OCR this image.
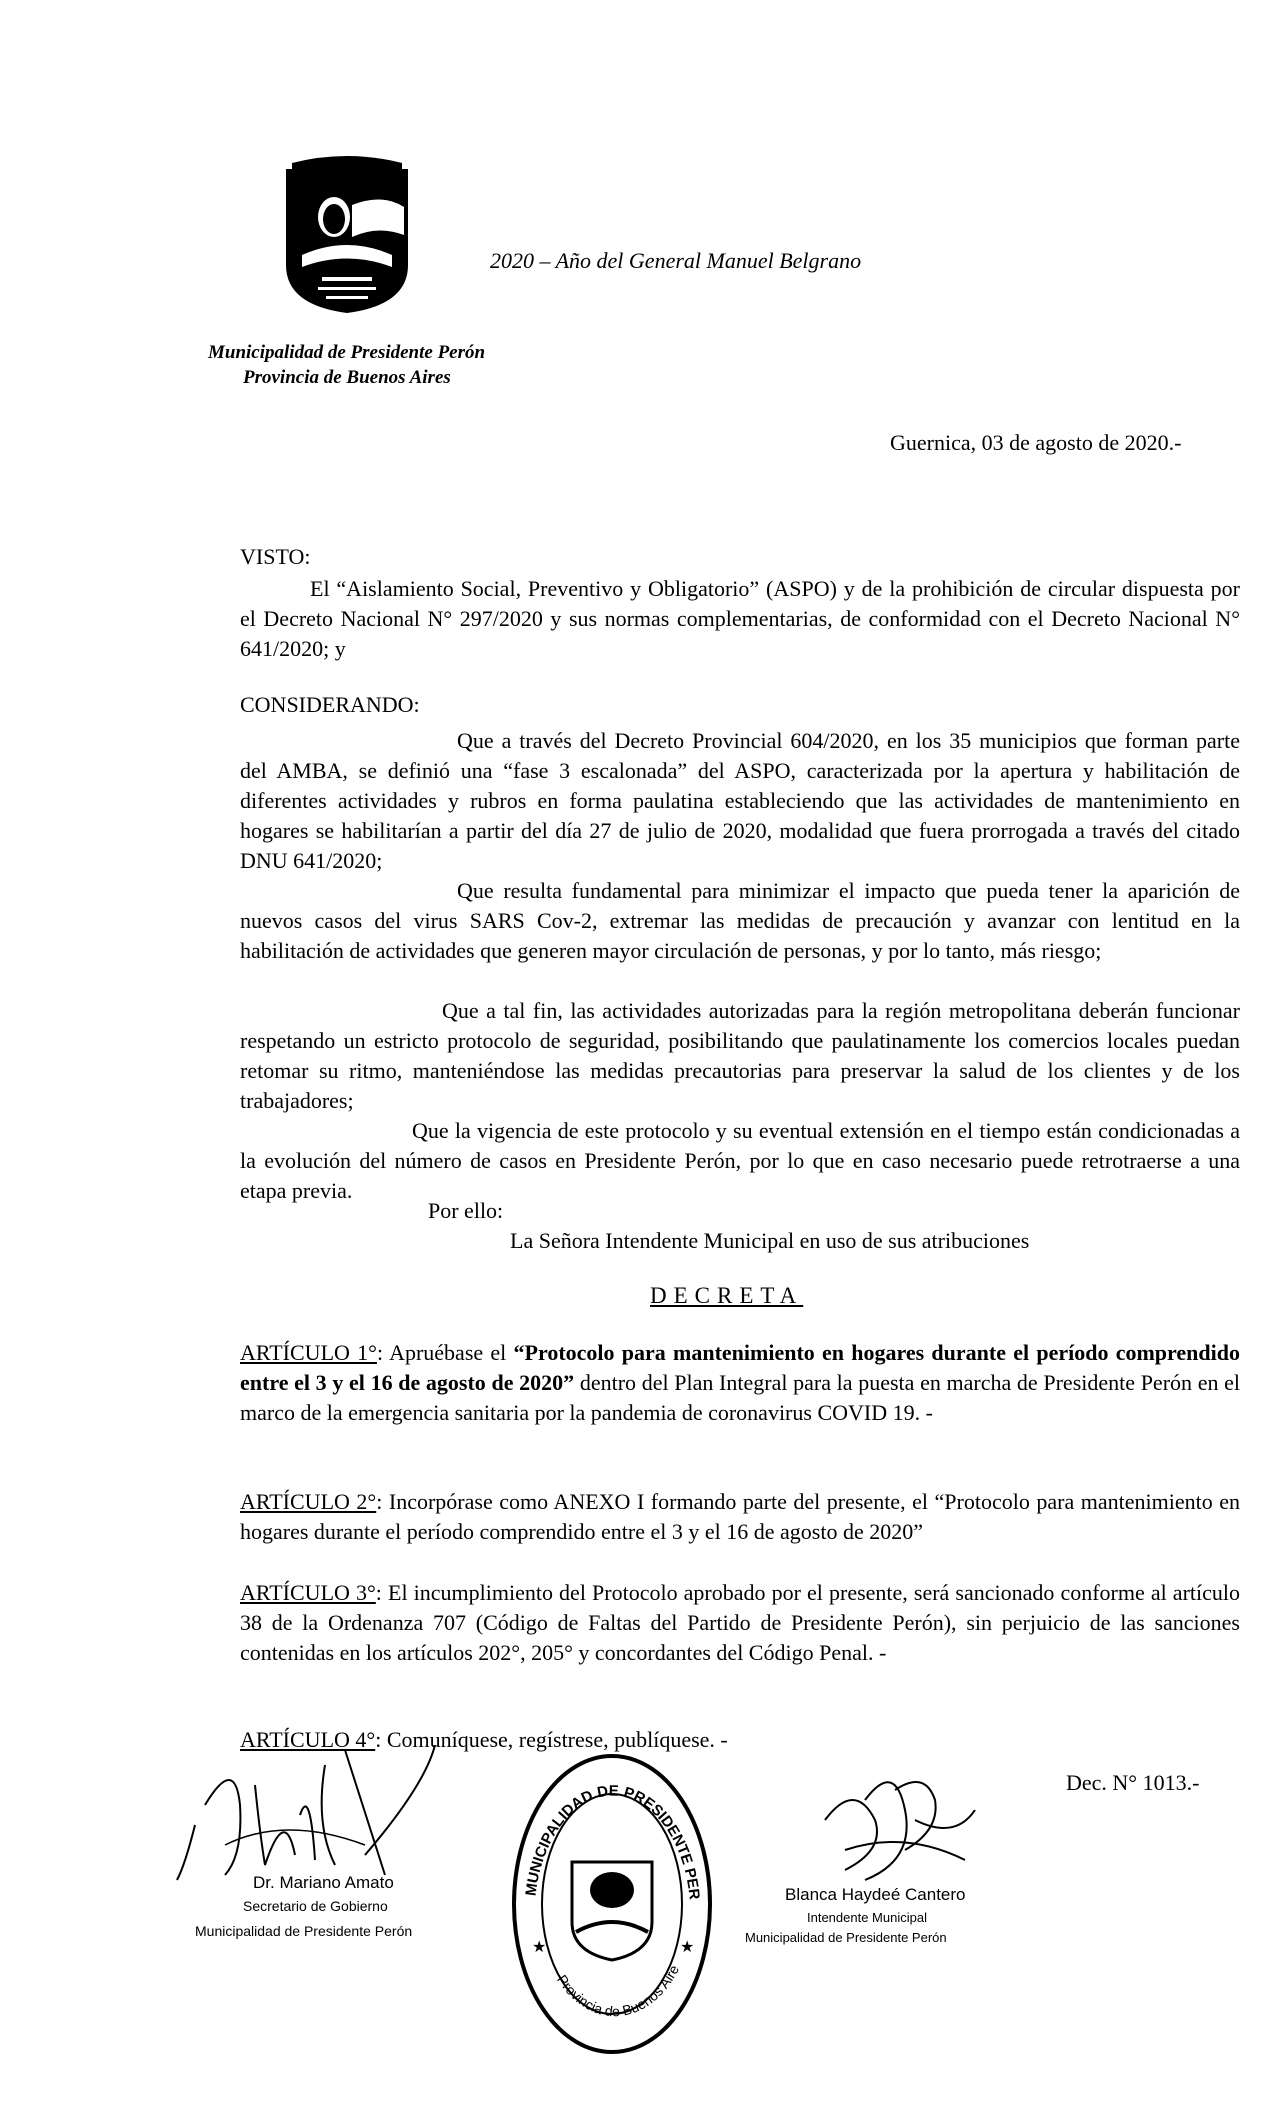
2020 – Año del General Manuel Belgrano
Municipalidad de Presidente Perón
Provincia de Buenos Aires
Guernica, 03 de agosto de 2020.-
VISTO:

El “Aislamiento Social, Preventivo y Obligatorio” (ASPO) y de la prohibición de circular dispuesta por el Decreto Nacional N° 297/2020 y sus normas complementarias, de conformidad con el Decreto Nacional N° 641/2020; y

CONSIDERANDO:

Que a través del Decreto Provincial 604/2020, en los 35 municipios que forman parte del AMBA, se definió una “fase 3 escalonada” del ASPO, caracterizada por la apertura y habilitación de diferentes actividades y rubros en forma paulatina estableciendo que las actividades de mantenimiento en hogares se habilitarían a partir del día 27 de julio de 2020, modalidad que fuera prorrogada a través del citado DNU 641/2020;

Que resulta fundamental para minimizar el impacto que pueda tener la aparición de nuevos casos del virus SARS Cov-2, extremar las medidas de precaución y avanzar con lentitud en la habilitación de actividades que generen mayor circulación de personas, y por lo tanto, más riesgo;

Que a tal fin, las actividades autorizadas para la región metropolitana deberán funcionar respetando un estricto protocolo de seguridad, posibilitando que paulatinamente los comercios locales puedan retomar su ritmo, manteniéndose las medidas precautorias para preservar la salud de los clientes y de los trabajadores;

Que la vigencia de este protocolo y su eventual extensión en el tiempo están condicionadas a la evolución del número de casos en Presidente Perón, por lo que en caso necesario puede retrotraerse a una etapa previa.

Por ello:
La Señora Intendente Municipal en uso de sus atribuciones
DECRETA

ARTÍCULO 1°: Apruébase el “Protocolo para mantenimiento en hogares durante el período comprendido entre el 3 y el 16 de agosto de 2020” dentro del Plan Integral para la puesta en marcha de Presidente Perón en el marco de la emergencia sanitaria por la pandemia de coronavirus COVID 19. -

ARTÍCULO 2°: Incorpórase como ANEXO I formando parte del presente, el “Protocolo para mantenimiento en hogares durante el período comprendido entre el 3 y el 16 de agosto de 2020”

ARTÍCULO 3°: El incumplimiento del Protocolo aprobado por el presente, será sancionado conforme al artículo 38 de la Ordenanza 707 (Código de Faltas del Partido de Presidente Perón), sin perjuicio de las sanciones contenidas en los artículos 202°, 205° y concordantes del Código Penal. -

ARTÍCULO 4°: Comuníquese, regístrese, publíquese. -

Dr. Mariano Amato
Secretario de Gobierno
Municipalidad de Presidente Perón
MUNICIPALIDAD DE PRESIDENTE PER
Provincia de Buenos Aire
★	★
Blanca Haydeé Cantero
Intendente Municipal
Municipalidad de Presidente Perón
Dec. N° 1013.-
